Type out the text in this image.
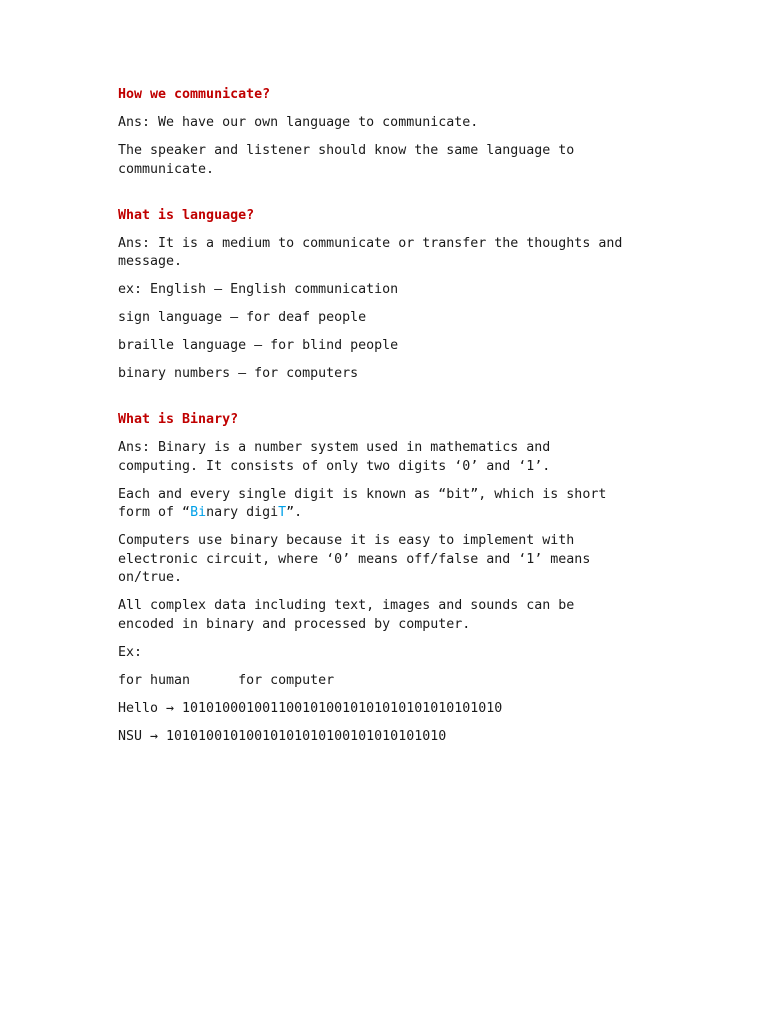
How we communicate?
Ans: We have our own language to communicate.
The speaker and listener should know the same language to
communicate.
What is language?
Ans: It is a medium to communicate or transfer the thoughts and
message.
ex: English – English communication
sign language – for deaf people
braille language – for blind people
binary numbers – for computers
What is Binary?
Ans: Binary is a number system used in mathematics and
computing. It consists of only two digits ‘0’ and ‘1’.
Each and every single digit is known as “bit”, which is short
form of “Binary digiT”.
Computers use binary because it is easy to implement with
electronic circuit, where ‘0’ means off/false and ‘1’ means
on/true.
All complex data including text, images and sounds can be
encoded in binary and processed by computer.
Ex:
for human      for computer
Hello → 1010100010011001010010101010101010101010
NSU → 10101001010010101010100101010101010
